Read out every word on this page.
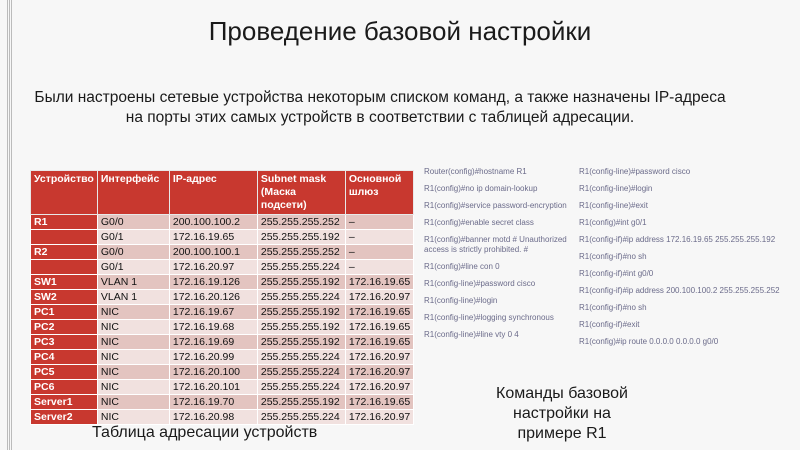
Проведение базовой настройки
Были настроены сетевые устройства некоторым списком команд, а также назначены IP-адреса на порты этих самых устройств в соответствии с таблицей адресации.
Устройство	Интерфейс	IP-адрес	Subnet mask (Маска подсети)	Основной шлюз
R1	G0/0	200.100.100.2	255.255.255.252	–
	G0/1	172.16.19.65	255.255.255.192	–
R2	G0/0	200.100.100.1	255.255.255.252	–
	G0/1	172.16.20.97	255.255.255.224	–
SW1	VLAN 1	172.16.19.126	255.255.255.192	172.16.19.65
SW2	VLAN 1	172.16.20.126	255.255.255.224	172.16.20.97
PC1	NIC	172.16.19.67	255.255.255.192	172.16.19.65
PC2	NIC	172.16.19.68	255.255.255.192	172.16.19.65
PC3	NIC	172.16.19.69	255.255.255.192	172.16.19.65
PC4	NIC	172.16.20.99	255.255.255.224	172.16.20.97
PC5	NIC	172.16.20.100	255.255.255.224	172.16.20.97
PC6	NIC	172.16.20.101	255.255.255.224	172.16.20.97
Server1	NIC	172.16.19.70	255.255.255.192	172.16.19.65
Server2	NIC	172.16.20.98	255.255.255.224	172.16.20.97
Router(config)#hostname R1
R1(config)#no ip domain-lookup
R1(config)#service password-encryption
R1(config)#enable secret class
R1(config)#banner motd # Unauthorized access is strictly prohibited. #
R1(config)#line con 0
R1(config-line)#password cisco
R1(config-line)#login
R1(config-line)#logging synchronous
R1(config-line)#line vty 0 4
R1(config-line)#password cisco
R1(config-line)#login
R1(config-line)#exit
R1(config)#int g0/1
R1(config-if)#ip address 172.16.19.65 255.255.255.192
R1(config-if)#no sh
R1(config-if)#int g0/0
R1(config-if)#ip address 200.100.100.2 255.255.255.252
R1(config-if)#no sh
R1(config-if)#exit
R1(config)#ip route 0.0.0.0 0.0.0.0 g0/0
Таблица адресации устройств
Команды базовой настройки на примере R1
